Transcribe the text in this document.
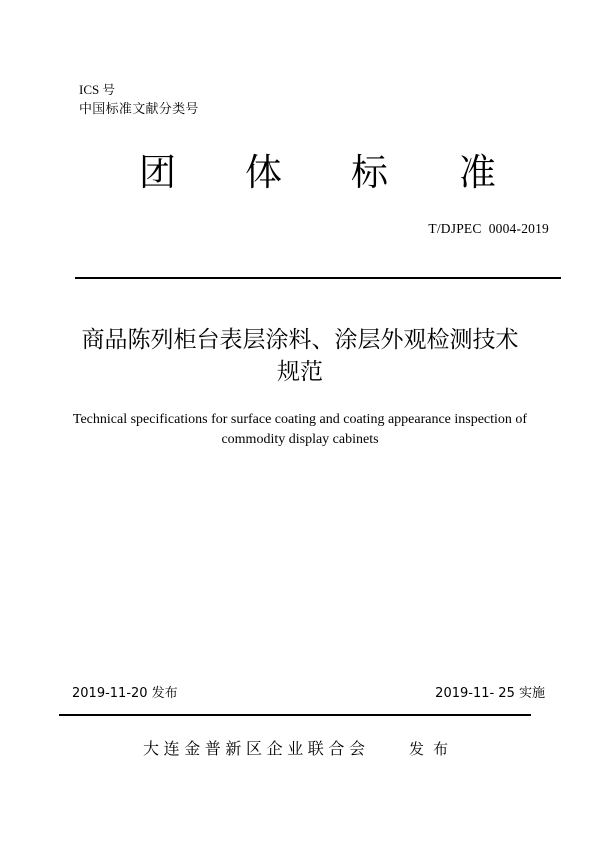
ICS 号
中国标准文献分类号
团 体 标 准
T/DJPEC  0004-2019
商品陈列柜台表层涂料、涂层外观检测技术
规范
Technical specifications for surface coating and coating appearance inspection of
commodity display cabinets
2019-11-20 发布	2019-11- 25 实施
大连金普新区企业联合会	发布
